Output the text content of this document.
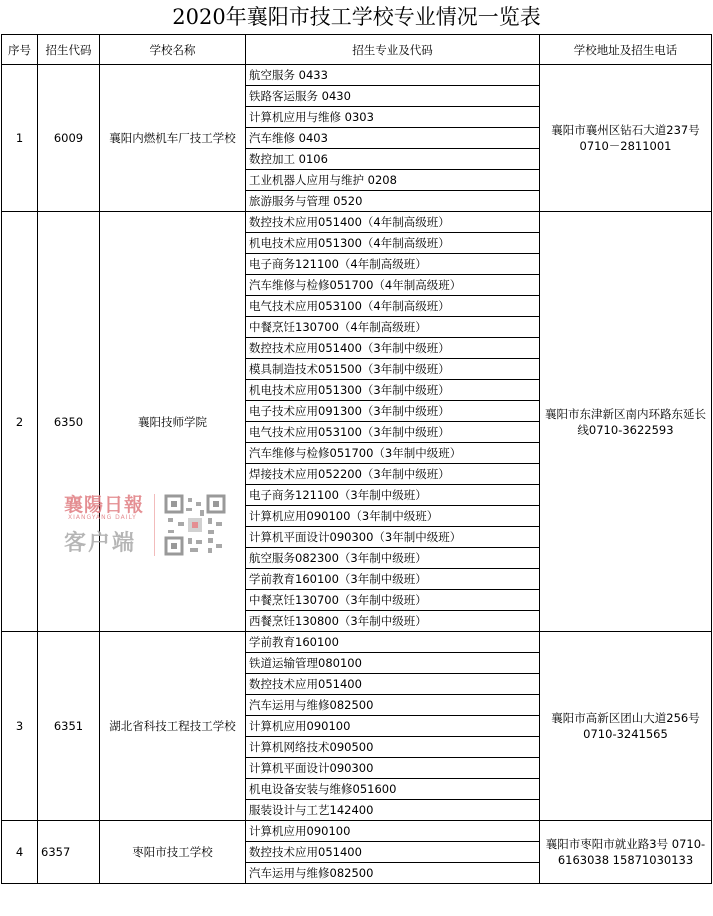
2020年襄阳市技工学校专业情况一览表
序号	招生代码	学校名称	招生专业及代码	学校地址及招生电话
1	6009	襄阳内燃机车厂技工学校	航空服务 0433	襄阳市襄州区钻石大道237号 0710－2811001
			铁路客运服务 0430	
			计算机应用与维修 0303	
			汽车维修 0403	
			数控加工 0106	
			工业机器人应用与维护 0208	
			旅游服务与管理 0520	
2	6350	襄阳技师学院	数控技术应用051400（4年制高级班）	襄阳市东津新区南内环路东延长线0710-3622593
			机电技术应用051300（4年制高级班）	
			电子商务121100（4年制高级班）	
			汽车维修与检修051700（4年制高级班）	
			电气技术应用053100（4年制高级班）	
			中餐烹饪130700（4年制高级班）	
			数控技术应用051400（3年制中级班）	
			模具制造技术051500（3年制中级班）	
			机电技术应用051300（3年制中级班）	
			电子技术应用091300（3年制中级班）	
			电气技术应用053100（3年制中级班）	
			汽车维修与检修051700（3年制中级班）	
			焊接技术应用052200（3年制中级班）	
			电子商务121100（3年制中级班）	
			计算机应用090100（3年制中级班）	
			计算机平面设计090300（3年制中级班）	
			航空服务082300（3年制中级班）	
			学前教育160100（3年制中级班）	
			中餐烹饪130700（3年制中级班）	
			西餐烹饪130800（3年制中级班）	
3	6351	湖北省科技工程技工学校	学前教育160100	襄阳市高新区团山大道256号 0710-3241565
			铁道运输管理080100	
			数控技术应用051400	
			汽车运用与维修082500	
			计算机应用090100	
			计算机网络技术090500	
			计算机平面设计090300	
			机电设备安装与维修051600	
			服装设计与工艺142400	
4	6357	枣阳市技工学校	计算机应用090100	襄阳市枣阳市就业路3号 0710-6163038 15871030133
			数控技术应用051400	
			汽车运用与维修082500	
襄陽日報
XIANGYANG DAILY
客户端
